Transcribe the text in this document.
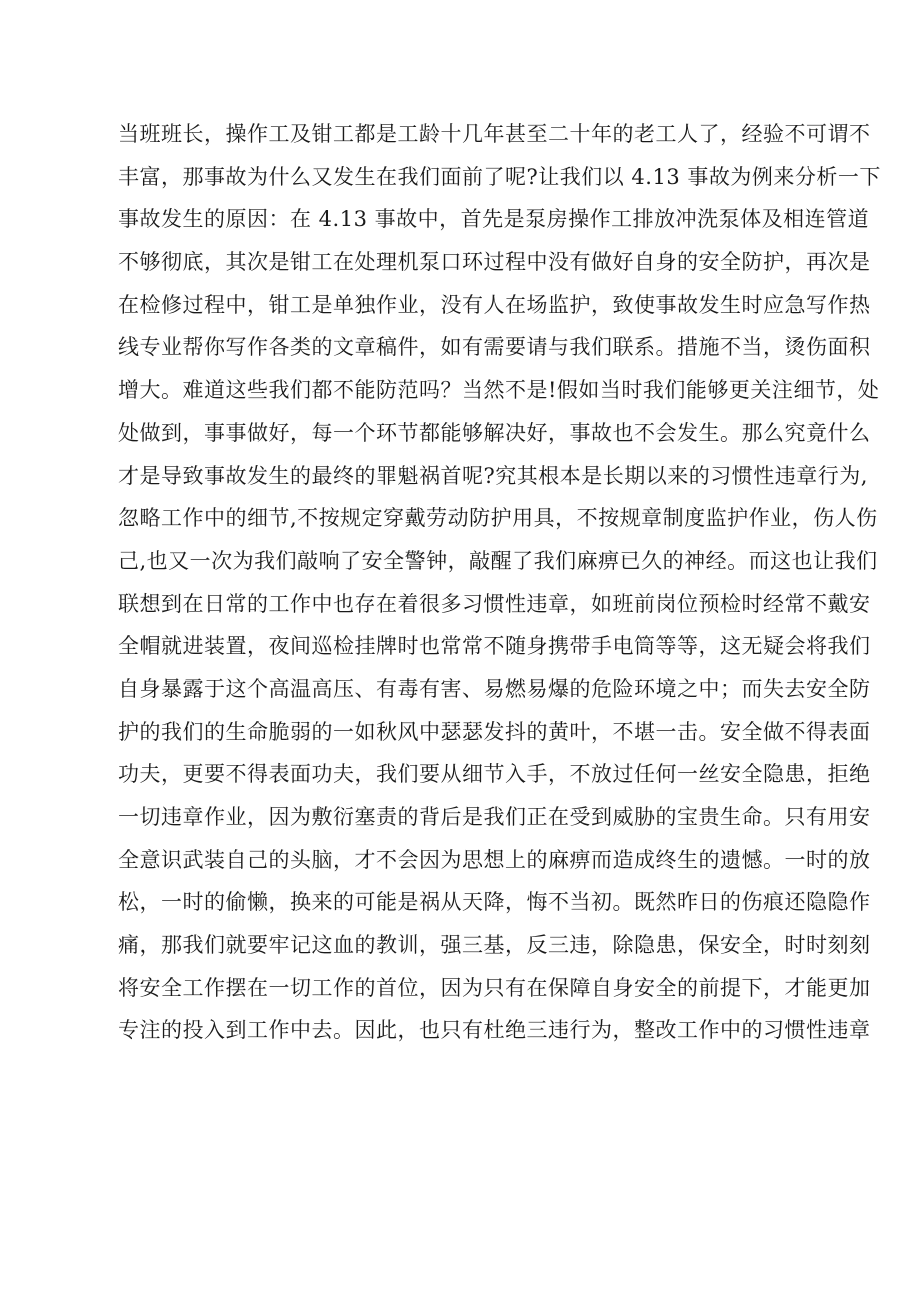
当班班长，操作工及钳工都是工龄十几年甚至二十年的老工人了，经验不可谓不
丰富，那事故为什么又发生在我们面前了呢?让我们以 4.13 事故为例来分析一下
事故发生的原因：在 4.13 事故中，首先是泵房操作工排放冲洗泵体及相连管道
不够彻底，其次是钳工在处理机泵口环过程中没有做好自身的安全防护，再次是
在检修过程中，钳工是单独作业，没有人在场监护，致使事故发生时应急写作热
线专业帮你写作各类的文章稿件，如有需要请与我们联系。措施不当，烫伤面积
增大。难道这些我们都不能防范吗？当然不是!假如当时我们能够更关注细节，处
处做到，事事做好，每一个环节都能够解决好，事故也不会发生。那么究竟什么
才是导致事故发生的最终的罪魁祸首呢?究其根本是长期以来的习惯性违章行为,
忽略工作中的细节,不按规定穿戴劳动防护用具，不按规章制度监护作业，伤人伤
己,也又一次为我们敲响了安全警钟，敲醒了我们麻痹已久的神经。而这也让我们
联想到在日常的工作中也存在着很多习惯性违章，如班前岗位预检时经常不戴安
全帽就进装置，夜间巡检挂牌时也常常不随身携带手电筒等等，这无疑会将我们
自身暴露于这个高温高压、有毒有害、易燃易爆的危险环境之中；而失去安全防
护的我们的生命脆弱的一如秋风中瑟瑟发抖的黄叶，不堪一击。安全做不得表面
功夫，更要不得表面功夫，我们要从细节入手，不放过任何一丝安全隐患，拒绝
一切违章作业，因为敷衍塞责的背后是我们正在受到威胁的宝贵生命。只有用安
全意识武装自己的头脑，才不会因为思想上的麻痹而造成终生的遗憾。一时的放
松，一时的偷懒，换来的可能是祸从天降，悔不当初。既然昨日的伤痕还隐隐作
痛，那我们就要牢记这血的教训，强三基，反三违，除隐患，保安全，时时刻刻
将安全工作摆在一切工作的首位，因为只有在保障自身安全的前提下，才能更加
专注的投入到工作中去。因此，也只有杜绝三违行为，整改工作中的习惯性违章
